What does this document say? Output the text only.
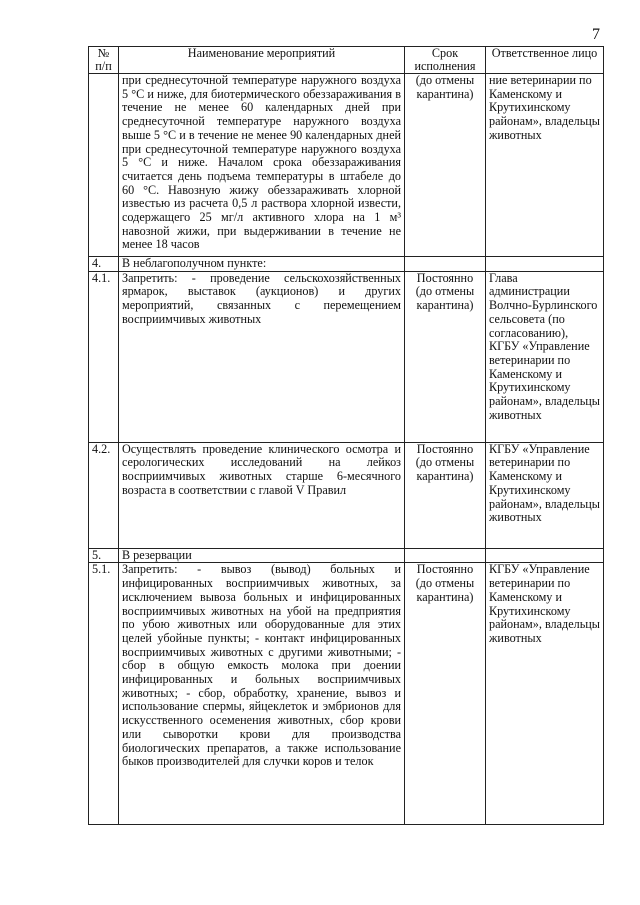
7
№ п/п	Наименование мероприятий	Срок исполнения	Ответственное лицо
	при среднесуточной температуре наружного воздуха 5 °С и ниже, для биотермического обеззараживания в течение не менее 60 календарных дней при среднесуточной температуре наружного воздуха выше 5 °С и в течение не менее 90 календарных дней при среднесуточной температуре наружного воздуха 5 °С и ниже. Началом срока обеззараживания считается день подъема температуры в штабеле до 60 °С. Навозную жижу обеззараживать хлорной известью из расчета 0,5 л раствора хлорной извести, содержащего 25 мг/л активного хлора на 1 м³ навозной жижи, при выдерживании в течение не менее 18 часов	(до отмены карантина)	ние ветеринарии по Каменскому и Крутихинскому районам», владельцы животных
4.	В неблагополучном пункте:		
4.1.	Запретить: - проведение сельскохозяйственных ярмарок, выставок (аукционов) и других мероприятий, связанных с перемещением восприимчивых животных	Постоянно (до отмены карантина)	Глава администрации Волчно-Бурлинского сельсовета (по согласованию), КГБУ «Управление ветеринарии по Каменскому и Крутихинскому районам», владельцы животных
4.2.	Осуществлять проведение клинического осмотра и серологических исследований на лейкоз восприимчивых животных старше 6-месячного возраста в соответствии с главой V Правил	Постоянно (до отмены карантина)	КГБУ «Управление ветеринарии по Каменскому и Крутихинскому районам», владельцы животных
5.	В резервации		
5.1.	Запретить: - вывоз (вывод) больных и инфицированных восприимчивых животных, за исключением вывоза больных и инфицированных восприимчивых животных на убой на предприятия по убою животных или оборудованные для этих целей убойные пункты; - контакт инфицированных восприимчивых животных с другими животными; - сбор в общую емкость молока при доении инфицированных и больных восприимчивых животных; - сбор, обработку, хранение, вывоз и использование спермы, яйцеклеток и эмбрионов для искусственного осеменения животных, сбор крови или сыворотки крови для производства биологических препаратов, а также использование быков производителей для случки коров и телок	Постоянно (до отмены карантина)	КГБУ «Управление ветеринарии по Каменскому и Крутихинскому районам», владельцы животных
